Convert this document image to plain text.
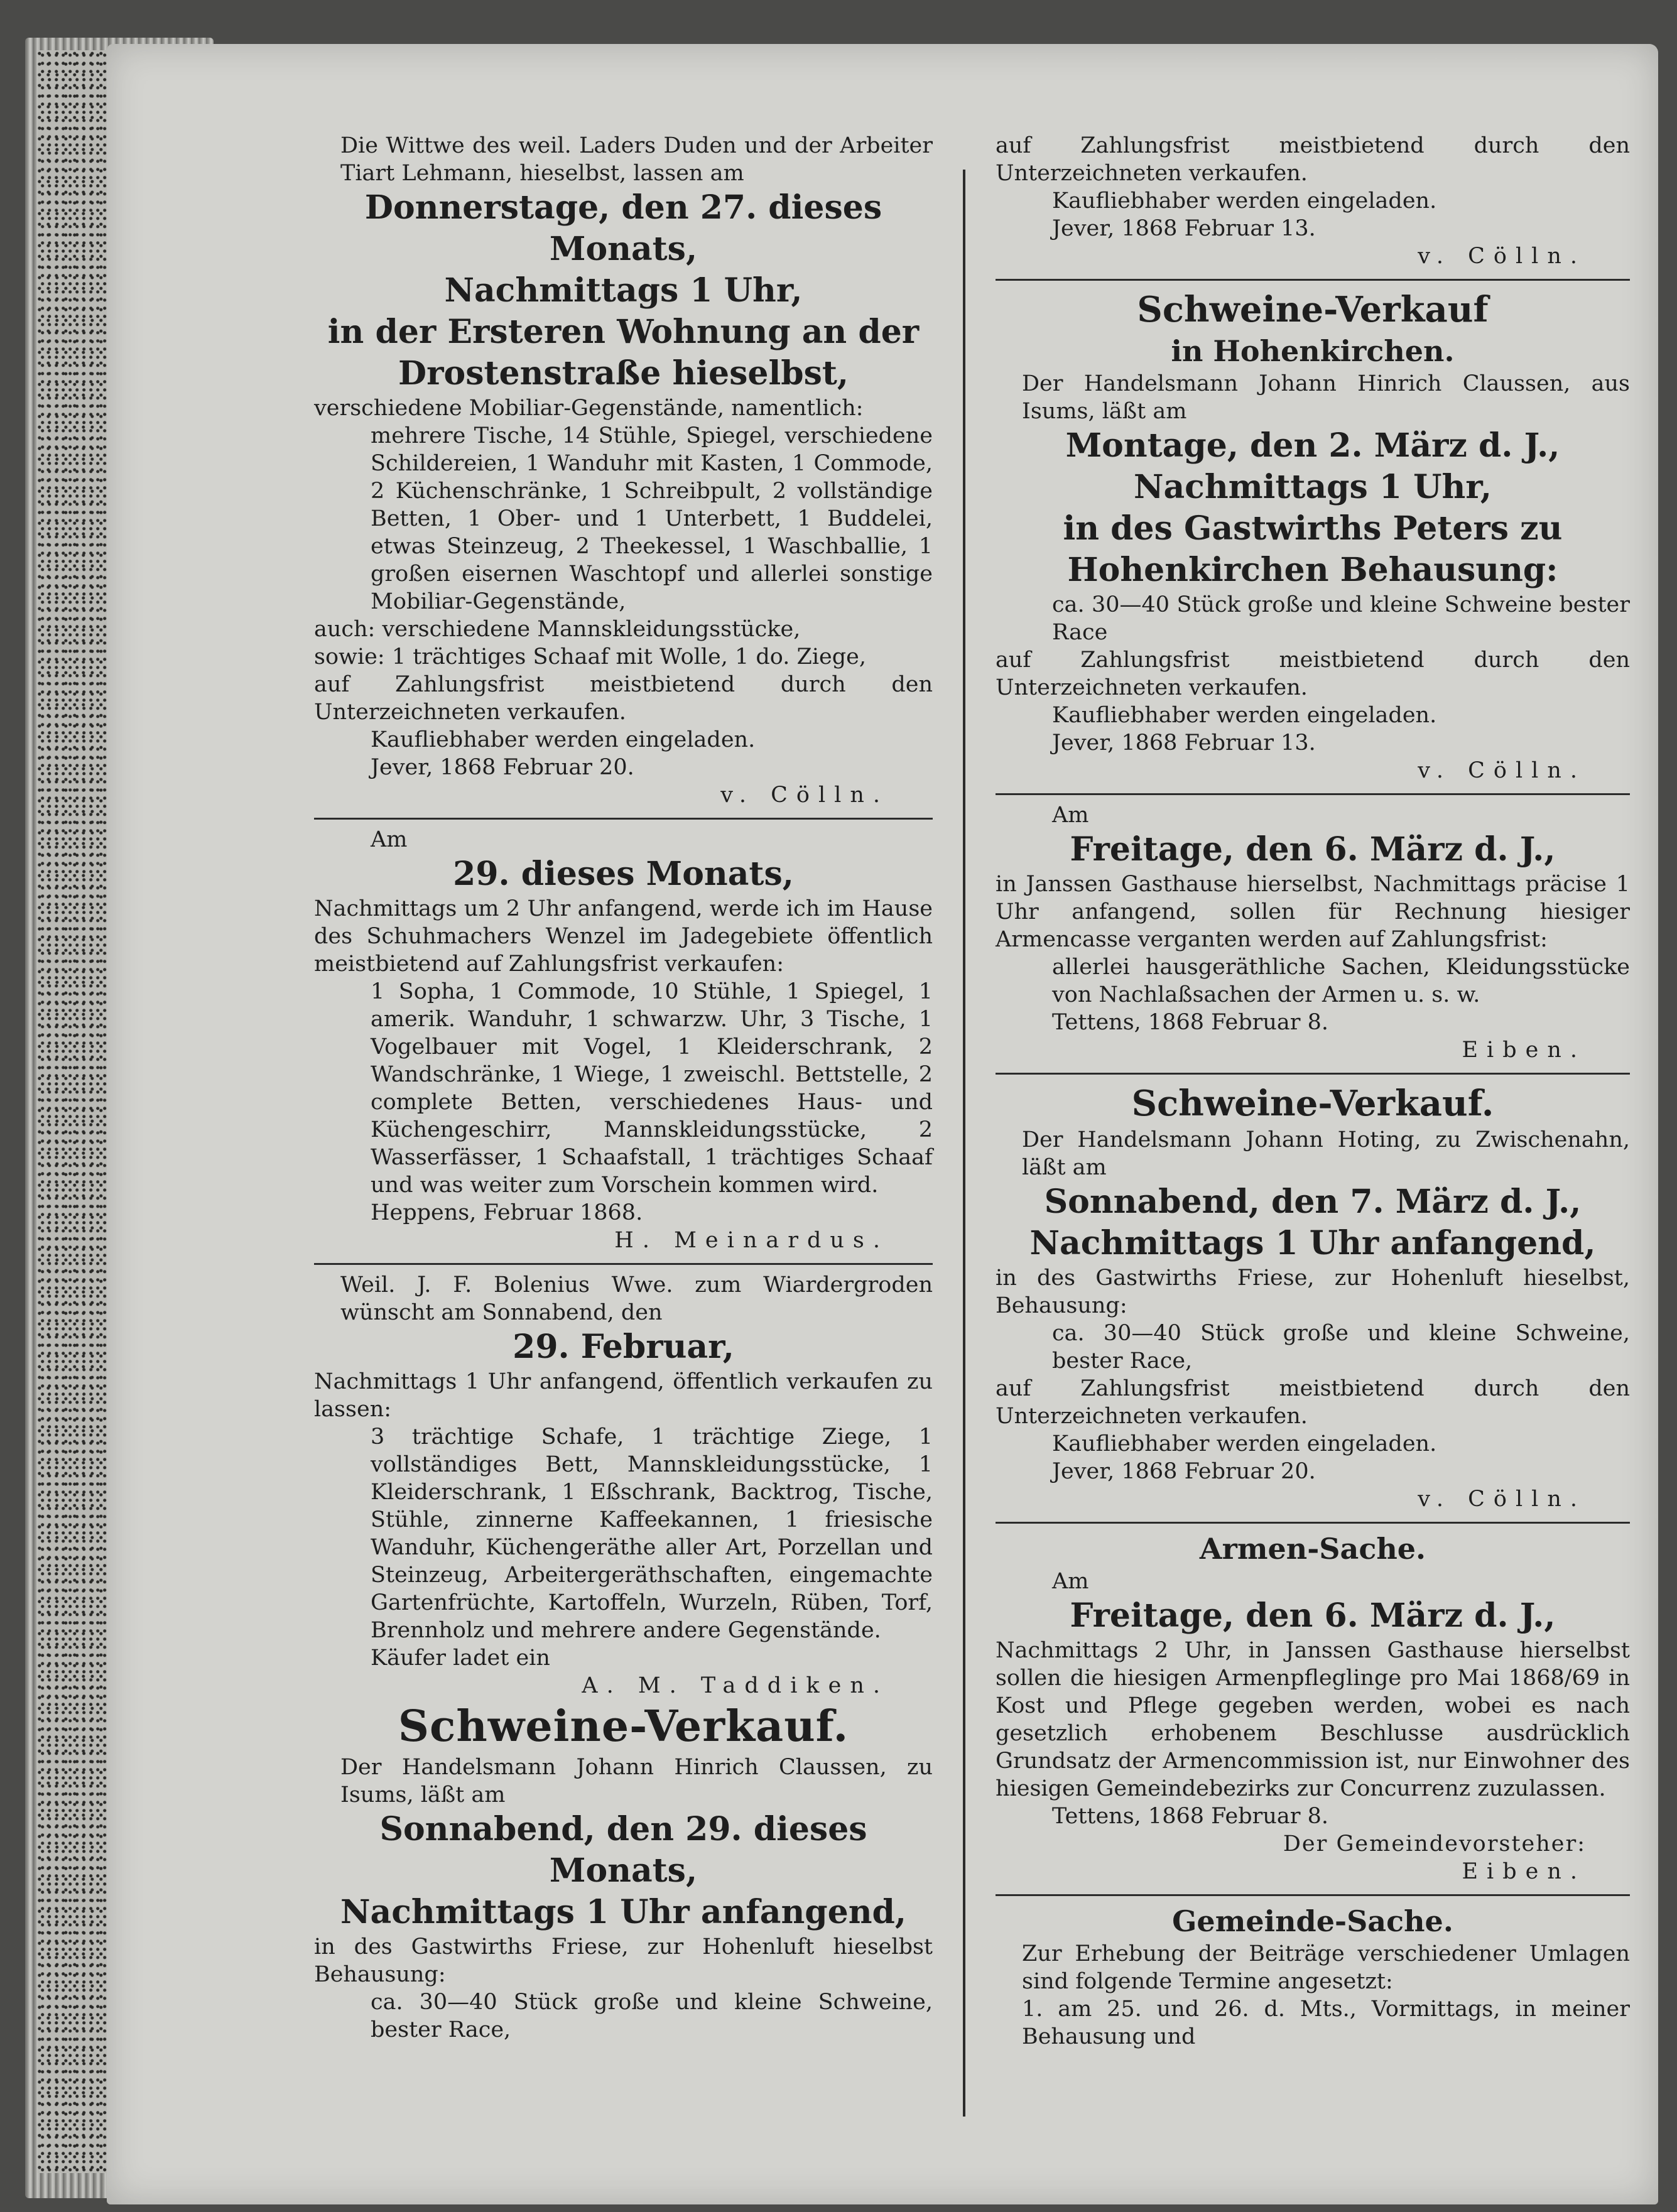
Die Wittwe des weil. Laders Duden und der Arbeiter Tiart Lehmann, hieselbst, lassen am

Donnerstage, den 27. dieses Monats,

Nachmittags 1 Uhr,

in der Ersteren Wohnung an der

Drostenstraße hieselbst,

verschiedene Mobiliar-Gegenstände, namentlich:

mehrere Tische, 14 Stühle, Spiegel, verschiedene Schildereien, 1 Wanduhr mit Kasten, 1 Commode, 2 Küchenschränke, 1 Schreibpult, 2 vollständige Betten, 1 Ober- und 1 Unterbett, 1 Buddelei, etwas Steinzeug, 2 Theekessel, 1 Waschballie, 1 großen eisernen Waschtopf und allerlei sonstige Mobiliar-Gegenstände,

auch: verschiedene Mannskleidungsstücke,

sowie: 1 trächtiges Schaaf mit Wolle, 1 do. Ziege,

auf Zahlungsfrist meistbietend durch den Unterzeichneten verkaufen.

Kaufliebhaber werden eingeladen.

Jever, 1868 Februar 20.

v. Cölln.

Am

29. dieses Monats,

Nachmittags um 2 Uhr anfangend, werde ich im Hause des Schuhmachers Wenzel im Jadegebiete öffentlich meistbietend auf Zahlungsfrist verkaufen:

1 Sopha, 1 Commode, 10 Stühle, 1 Spiegel, 1 amerik. Wanduhr, 1 schwarzw. Uhr, 3 Tische, 1 Vogelbauer mit Vogel, 1 Kleiderschrank, 2 Wandschränke, 1 Wiege, 1 zweischl. Bettstelle, 2 complete Betten, verschiedenes Haus- und Küchengeschirr, Mannskleidungsstücke, 2 Wasserfässer, 1 Schaafstall, 1 trächtiges Schaaf und was weiter zum Vorschein kommen wird.

Heppens, Februar 1868.

H. Meinardus.

Weil. J. F. Bolenius Wwe. zum Wiardergroden wünscht am Sonnabend, den

29. Februar,

Nachmittags 1 Uhr anfangend, öffentlich verkaufen zu lassen:

3 trächtige Schafe, 1 trächtige Ziege, 1 vollständiges Bett, Mannskleidungsstücke, 1 Kleiderschrank, 1 Eßschrank, Backtrog, Tische, Stühle, zinnerne Kaffeekannen, 1 friesische Wanduhr, Küchengeräthe aller Art, Porzellan und Steinzeug, Arbeitergeräthschaften, eingemachte Gartenfrüchte, Kartoffeln, Wurzeln, Rüben, Torf, Brennholz und mehrere andere Gegenstände.

Käufer ladet ein

A. M. Taddiken.

Schweine-Verkauf.

Der Handelsmann Johann Hinrich Claussen, zu Isums, läßt am

Sonnabend, den 29. dieses Monats,

Nachmittags 1 Uhr anfangend,

in des Gastwirths Friese, zur Hohenluft hieselbst Behausung:

ca. 30—40 Stück große und kleine Schweine, bester Race,

auf Zahlungsfrist meistbietend durch den Unterzeichneten verkaufen.

Kaufliebhaber werden eingeladen.

Jever, 1868 Februar 13.

v. Cölln.

Schweine-Verkauf

in Hohenkirchen.

Der Handelsmann Johann Hinrich Claussen, aus Isums, läßt am

Montage, den 2. März d. J.,

Nachmittags 1 Uhr,

in des Gastwirths Peters zu Hohenkirchen Behausung:

ca. 30—40 Stück große und kleine Schweine bester Race

auf Zahlungsfrist meistbietend durch den Unterzeichneten verkaufen.

Kaufliebhaber werden eingeladen.

Jever, 1868 Februar 13.

v. Cölln.

Am

Freitage, den 6. März d. J.,

in Janssen Gasthause hierselbst, Nachmittags präcise 1 Uhr anfangend, sollen für Rechnung hiesiger Armencasse verganten werden auf Zahlungsfrist:

allerlei hausgeräthliche Sachen, Kleidungsstücke von Nachlaßsachen der Armen u. s. w.

Tettens, 1868 Februar 8.

Eiben.

Schweine-Verkauf.

Der Handelsmann Johann Hoting, zu Zwischenahn, läßt am

Sonnabend, den 7. März d. J.,

Nachmittags 1 Uhr anfangend,

in des Gastwirths Friese, zur Hohenluft hieselbst, Behausung:

ca. 30—40 Stück große und kleine Schweine, bester Race,

auf Zahlungsfrist meistbietend durch den Unterzeichneten verkaufen.

Kaufliebhaber werden eingeladen.

Jever, 1868 Februar 20.

v. Cölln.

Armen-Sache.

Am

Freitage, den 6. März d. J.,

Nachmittags 2 Uhr, in Janssen Gasthause hierselbst sollen die hiesigen Armenpfleglinge pro Mai 1868/69 in Kost und Pflege gegeben werden, wobei es nach gesetzlich erhobenem Beschlusse ausdrücklich Grundsatz der Armencommission ist, nur Einwohner des hiesigen Gemeindebezirks zur Concurrenz zuzulassen.

Tettens, 1868 Februar 8.

Der Gemeindevorsteher:

Eiben.

Gemeinde-Sache.

Zur Erhebung der Beiträge verschiedener Umlagen sind folgende Termine angesetzt:

1. am 25. und 26. d. Mts., Vormittags, in meiner Behausung und
